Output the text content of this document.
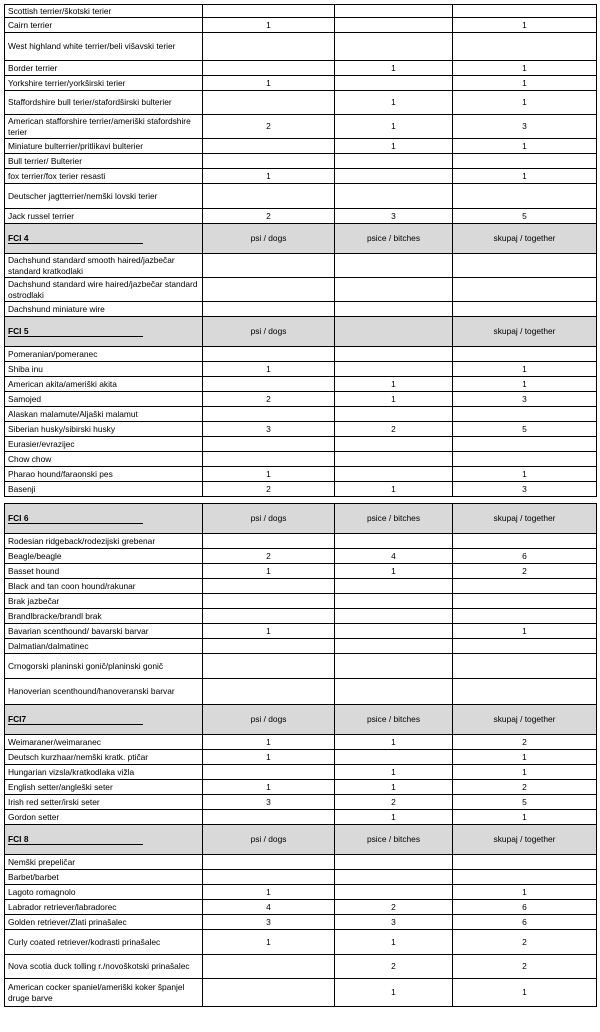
Scottish terrier/škotski terier			
Cairn terrier	1		1
West highland white terrier/beli višavski terier			
Border terrier		1	1
Yorkshire terrier/yorkširski terier	1		1
Staffordshire bull terier/stafordširski bulterier		1	1
American stafforshire terrier/ameriški stafordshire terier	2	1	3
Miniature bulterrier/pritlikavi bulterier		1	1
Bull terrier/ Bulterier			
fox terrier/fox terier resasti	1		1
Deutscher jagtterrier/nemški lovski terier			
Jack russel terrier	2	3	5

FCI 4	psi / dogs	psice / bitches	skupaj / together
Dachshund standard smooth haired/jazbečar standard kratkodlaki			
Dachshund standard wire haired/jazbečar standard ostrodlaki			
Dachshund miniature wire			

FCI 5	psi / dogs		skupaj / together
Pomeranian/pomeranec			
Shiba inu	1		1
American akita/ameriški akita		1	1
Samojed	2	1	3
Alaskan malamute/Aljaški malamut			
Siberian husky/sibirski husky	3	2	5
Eurasier/evrazijec			
Chow chow			
Pharao hound/faraonski pes	1		1
Basenji	2	1	3
FCI 6	psi / dogs	psice / bitches	skupaj / together
Rodesian ridgeback/rodezijski grebenar			
Beagle/beagle	2	4	6
Basset hound	1	1	2
Black and tan coon hound/rakunar			
Brak jazbečar			
Brandlbracke/brandl brak			
Bavarian scenthound/ bavarski barvar	1		1
Dalmatian/dalmatinec			
Crnogorski planinski gonič/planinski gonič			
Hanoverian scenthound/hanoveranski barvar			

FCI7	psi / dogs	psice / bitches	skupaj / together
Weimaraner/weimaranec	1	1	2
Deutsch kurzhaar/nemški kratk. ptičar	1		1
Hungarian vizsla/kratkodlaka vižla		1	1
English setter/angleški seter	1	1	2
Irish red setter/irski seter	3	2	5
Gordon setter		1	1

FCI 8	psi / dogs	psice / bitches	skupaj / together
Nemški prepeličar			
Barbet/barbet			
Lagoto romagnolo	1		1
Labrador retriever/labradorec	4	2	6
Golden retriever/Zlati prinašalec	3	3	6
Curly coated retriever/kodrasti prinašalec	1	1	2
Nova scotia duck tolling r./novoškotski prinašalec		2	2
American cocker spaniel/ameriški koker španjel druge barve		1	1
